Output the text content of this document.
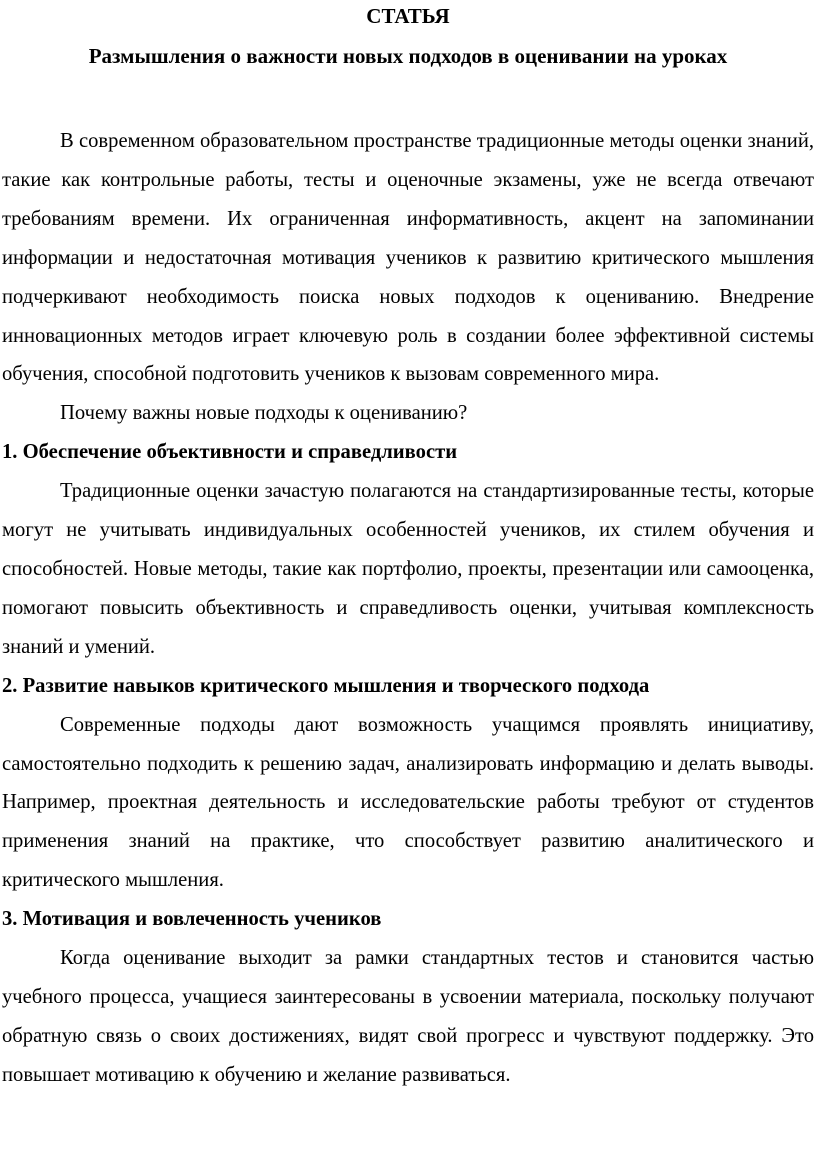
СТАТЬЯ
Размышления о важности новых подходов в оценивании на уроках

В современном образовательном пространстве традиционные методы оценки знаний, такие как контрольные работы, тесты и оценочные экзамены, уже не всегда отвечают требованиям времени. Их ограниченная информативность, акцент на запоминании информации и недостаточная мотивация учеников к развитию критического мышления подчеркивают необходимость поиска новых подходов к оцениванию. Внедрение инновационных методов играет ключевую роль в создании более эффективной системы обучения, способной подготовить учеников к вызовам современного мира.

Почему важны новые подходы к оцениванию?

1. Обеспечение объективности и справедливости

Традиционные оценки зачастую полагаются на стандартизированные тесты, которые могут не учитывать индивидуальных особенностей учеников, их стилем обучения и способностей. Новые методы, такие как портфолио, проекты, презентации или самооценка, помогают повысить объективность и справедливость оценки, учитывая комплексность знаний и умений.

2. Развитие навыков критического мышления и творческого подхода

Современные подходы дают возможность учащимся проявлять инициативу, самостоятельно подходить к решению задач, анализировать информацию и делать выводы. Например, проектная деятельность и исследовательские работы требуют от студентов применения знаний на практике, что способствует развитию аналитического и критического мышления.

3. Мотивация и вовлеченность учеников

Когда оценивание выходит за рамки стандартных тестов и становится частью учебного процесса, учащиеся заинтересованы в усвоении материала, поскольку получают обратную связь о своих достижениях, видят свой прогресс и чувствуют поддержку. Это повышает мотивацию к обучению и желание развиваться.
